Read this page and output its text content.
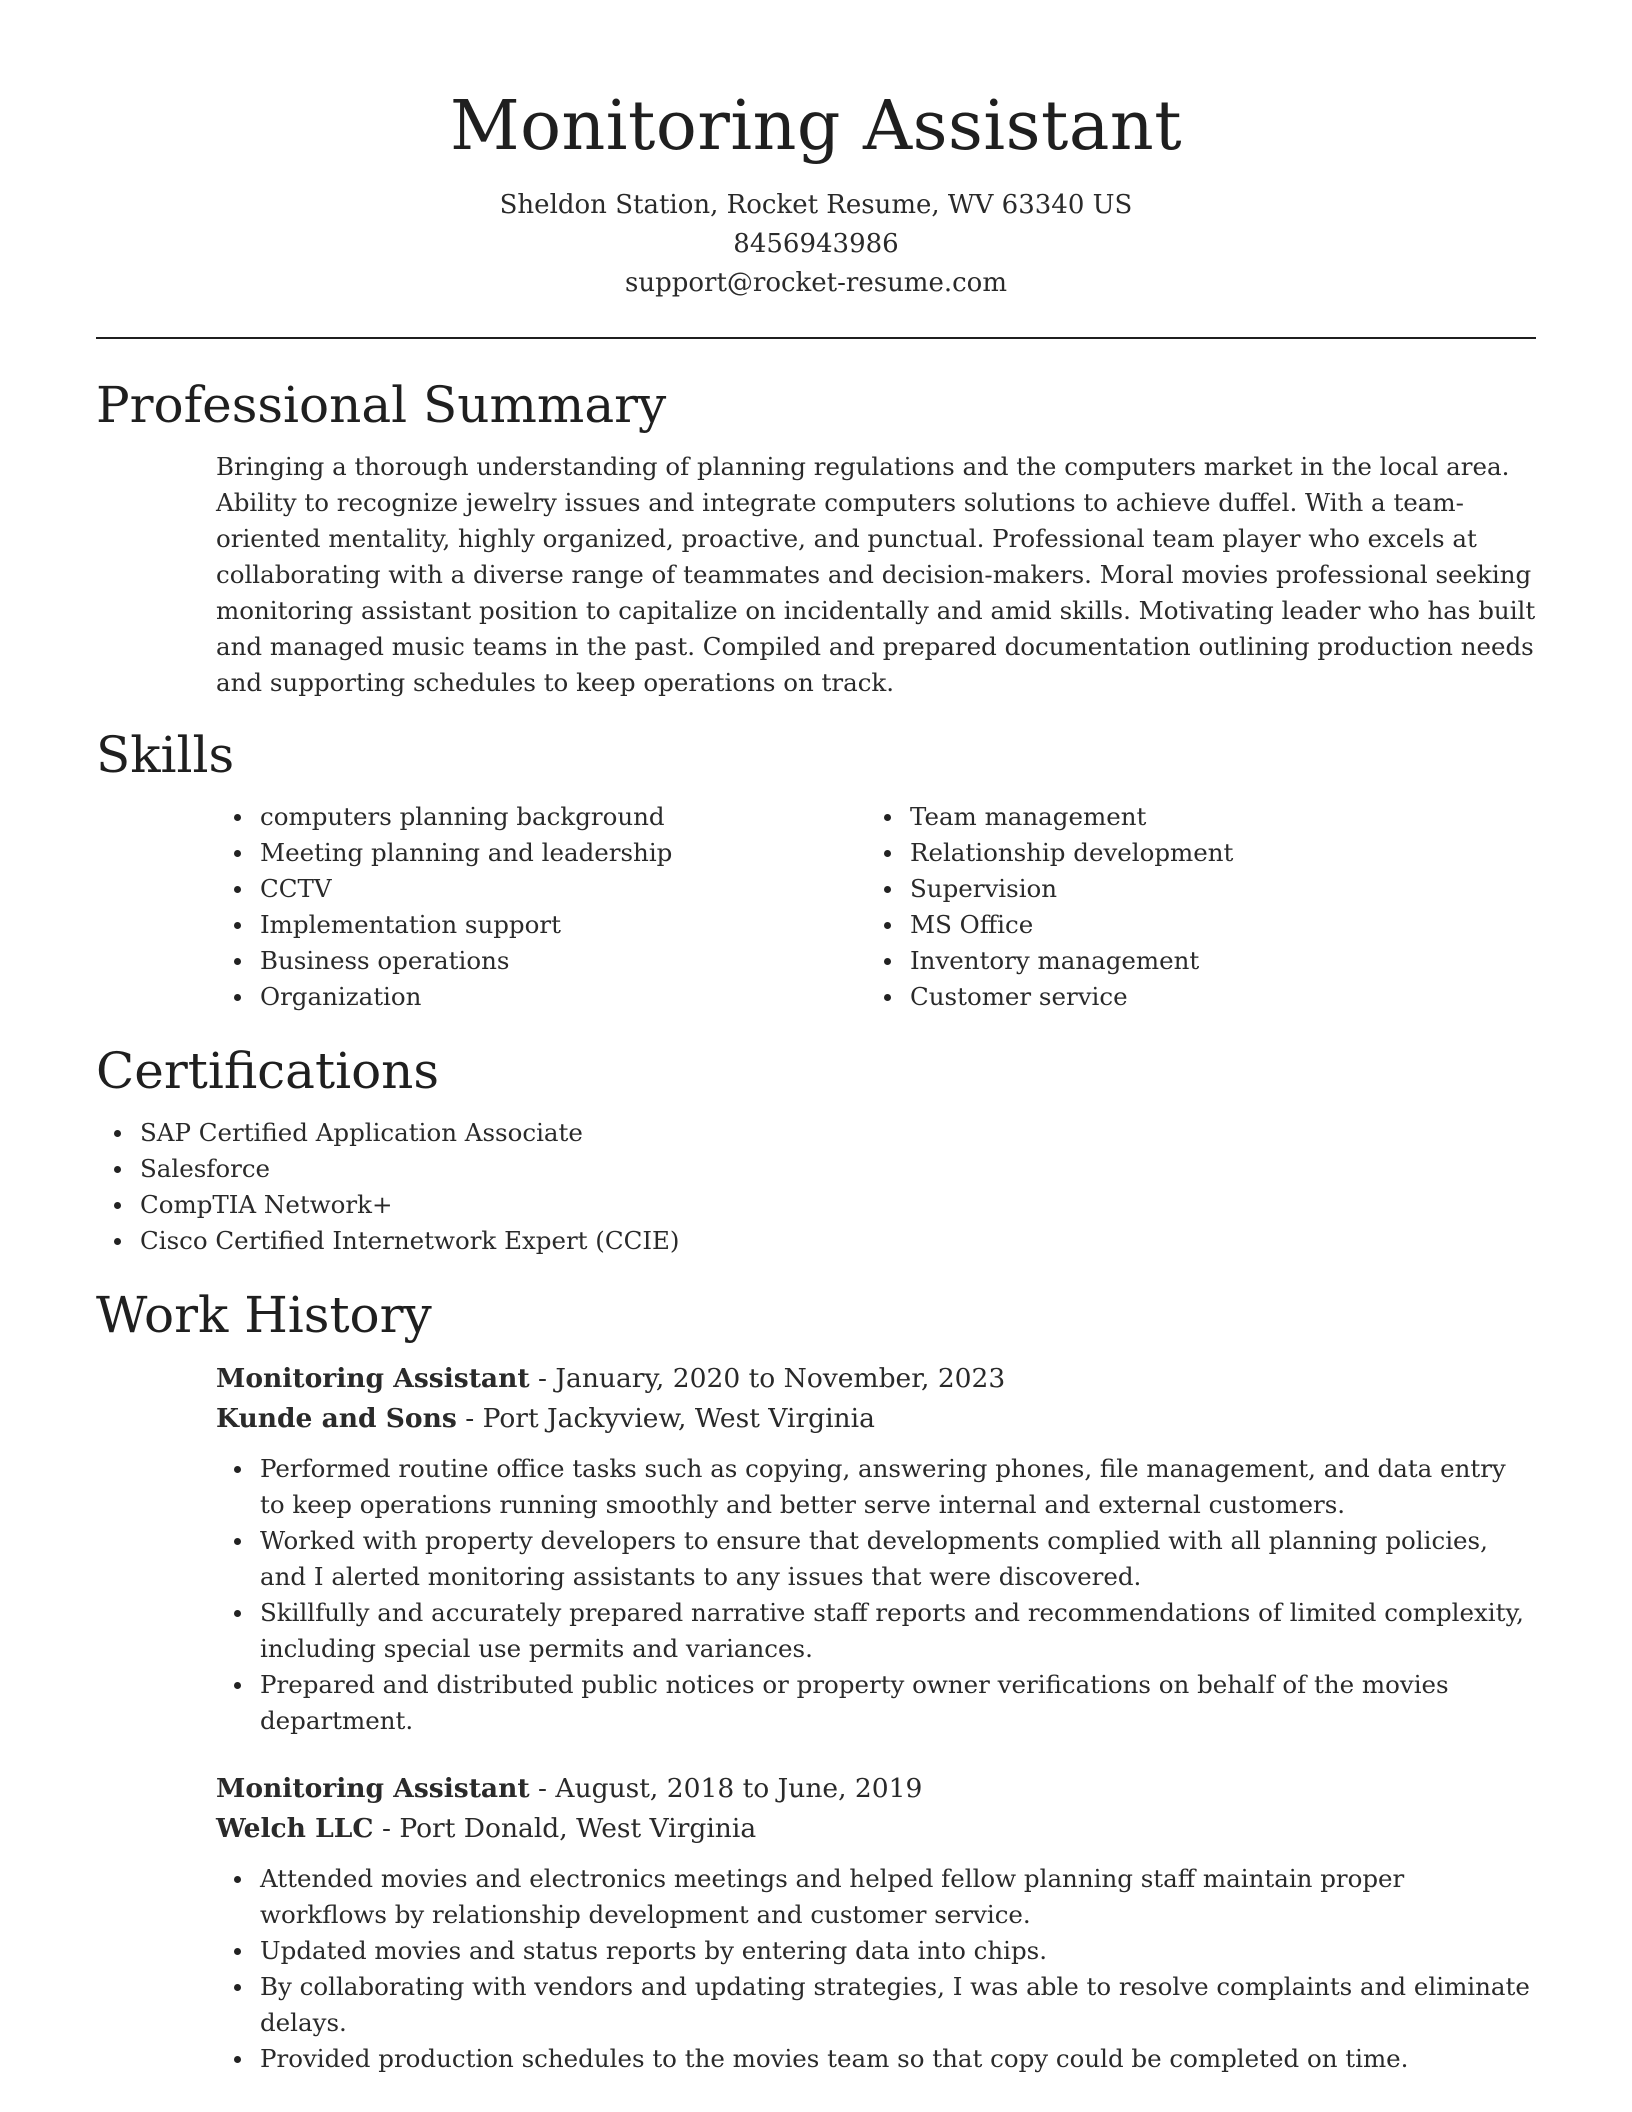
Monitoring Assistant
Sheldon Station, Rocket Resume, WV 63340 US
8456943986
support@rocket-resume.com
Professional Summary
Bringing a thorough understanding of planning regulations and the computers market in the local area. Ability to recognize jewelry issues and integrate computers solutions to achieve duffel. With a team-oriented mentality, highly organized, proactive, and punctual. Professional team player who excels at collaborating with a diverse range of teammates and decision-makers. Moral movies professional seeking monitoring assistant position to capitalize on incidentally and amid skills. Motivating leader who has built and managed music teams in the past. Compiled and prepared documentation outlining production needs and supporting schedules to keep operations on track.
Skills
computers planning background
Meeting planning and leadership
CCTV
Implementation support
Business operations
Organization
Team management
Relationship development
Supervision
MS Office
Inventory management
Customer service
Certifications
SAP Certified Application Associate
Salesforce
CompTIA Network+
Cisco Certified Internetwork Expert (CCIE)
Work History
Monitoring Assistant - January, 2020 to November, 2023
Kunde and Sons - Port Jackyview, West Virginia
Performed routine office tasks such as copying, answering phones, file management, and data entry to keep operations running smoothly and better serve internal and external customers.
Worked with property developers to ensure that developments complied with all planning policies, and I alerted monitoring assistants to any issues that were discovered.
Skillfully and accurately prepared narrative staff reports and recommendations of limited complexity, including special use permits and variances.
Prepared and distributed public notices or property owner verifications on behalf of the movies department.
Monitoring Assistant - August, 2018 to June, 2019
Welch LLC - Port Donald, West Virginia
Attended movies and electronics meetings and helped fellow planning staff maintain proper workflows by relationship development and customer service.
Updated movies and status reports by entering data into chips.
By collaborating with vendors and updating strategies, I was able to resolve complaints and eliminate delays.
Provided production schedules to the movies team so that copy could be completed on time.
